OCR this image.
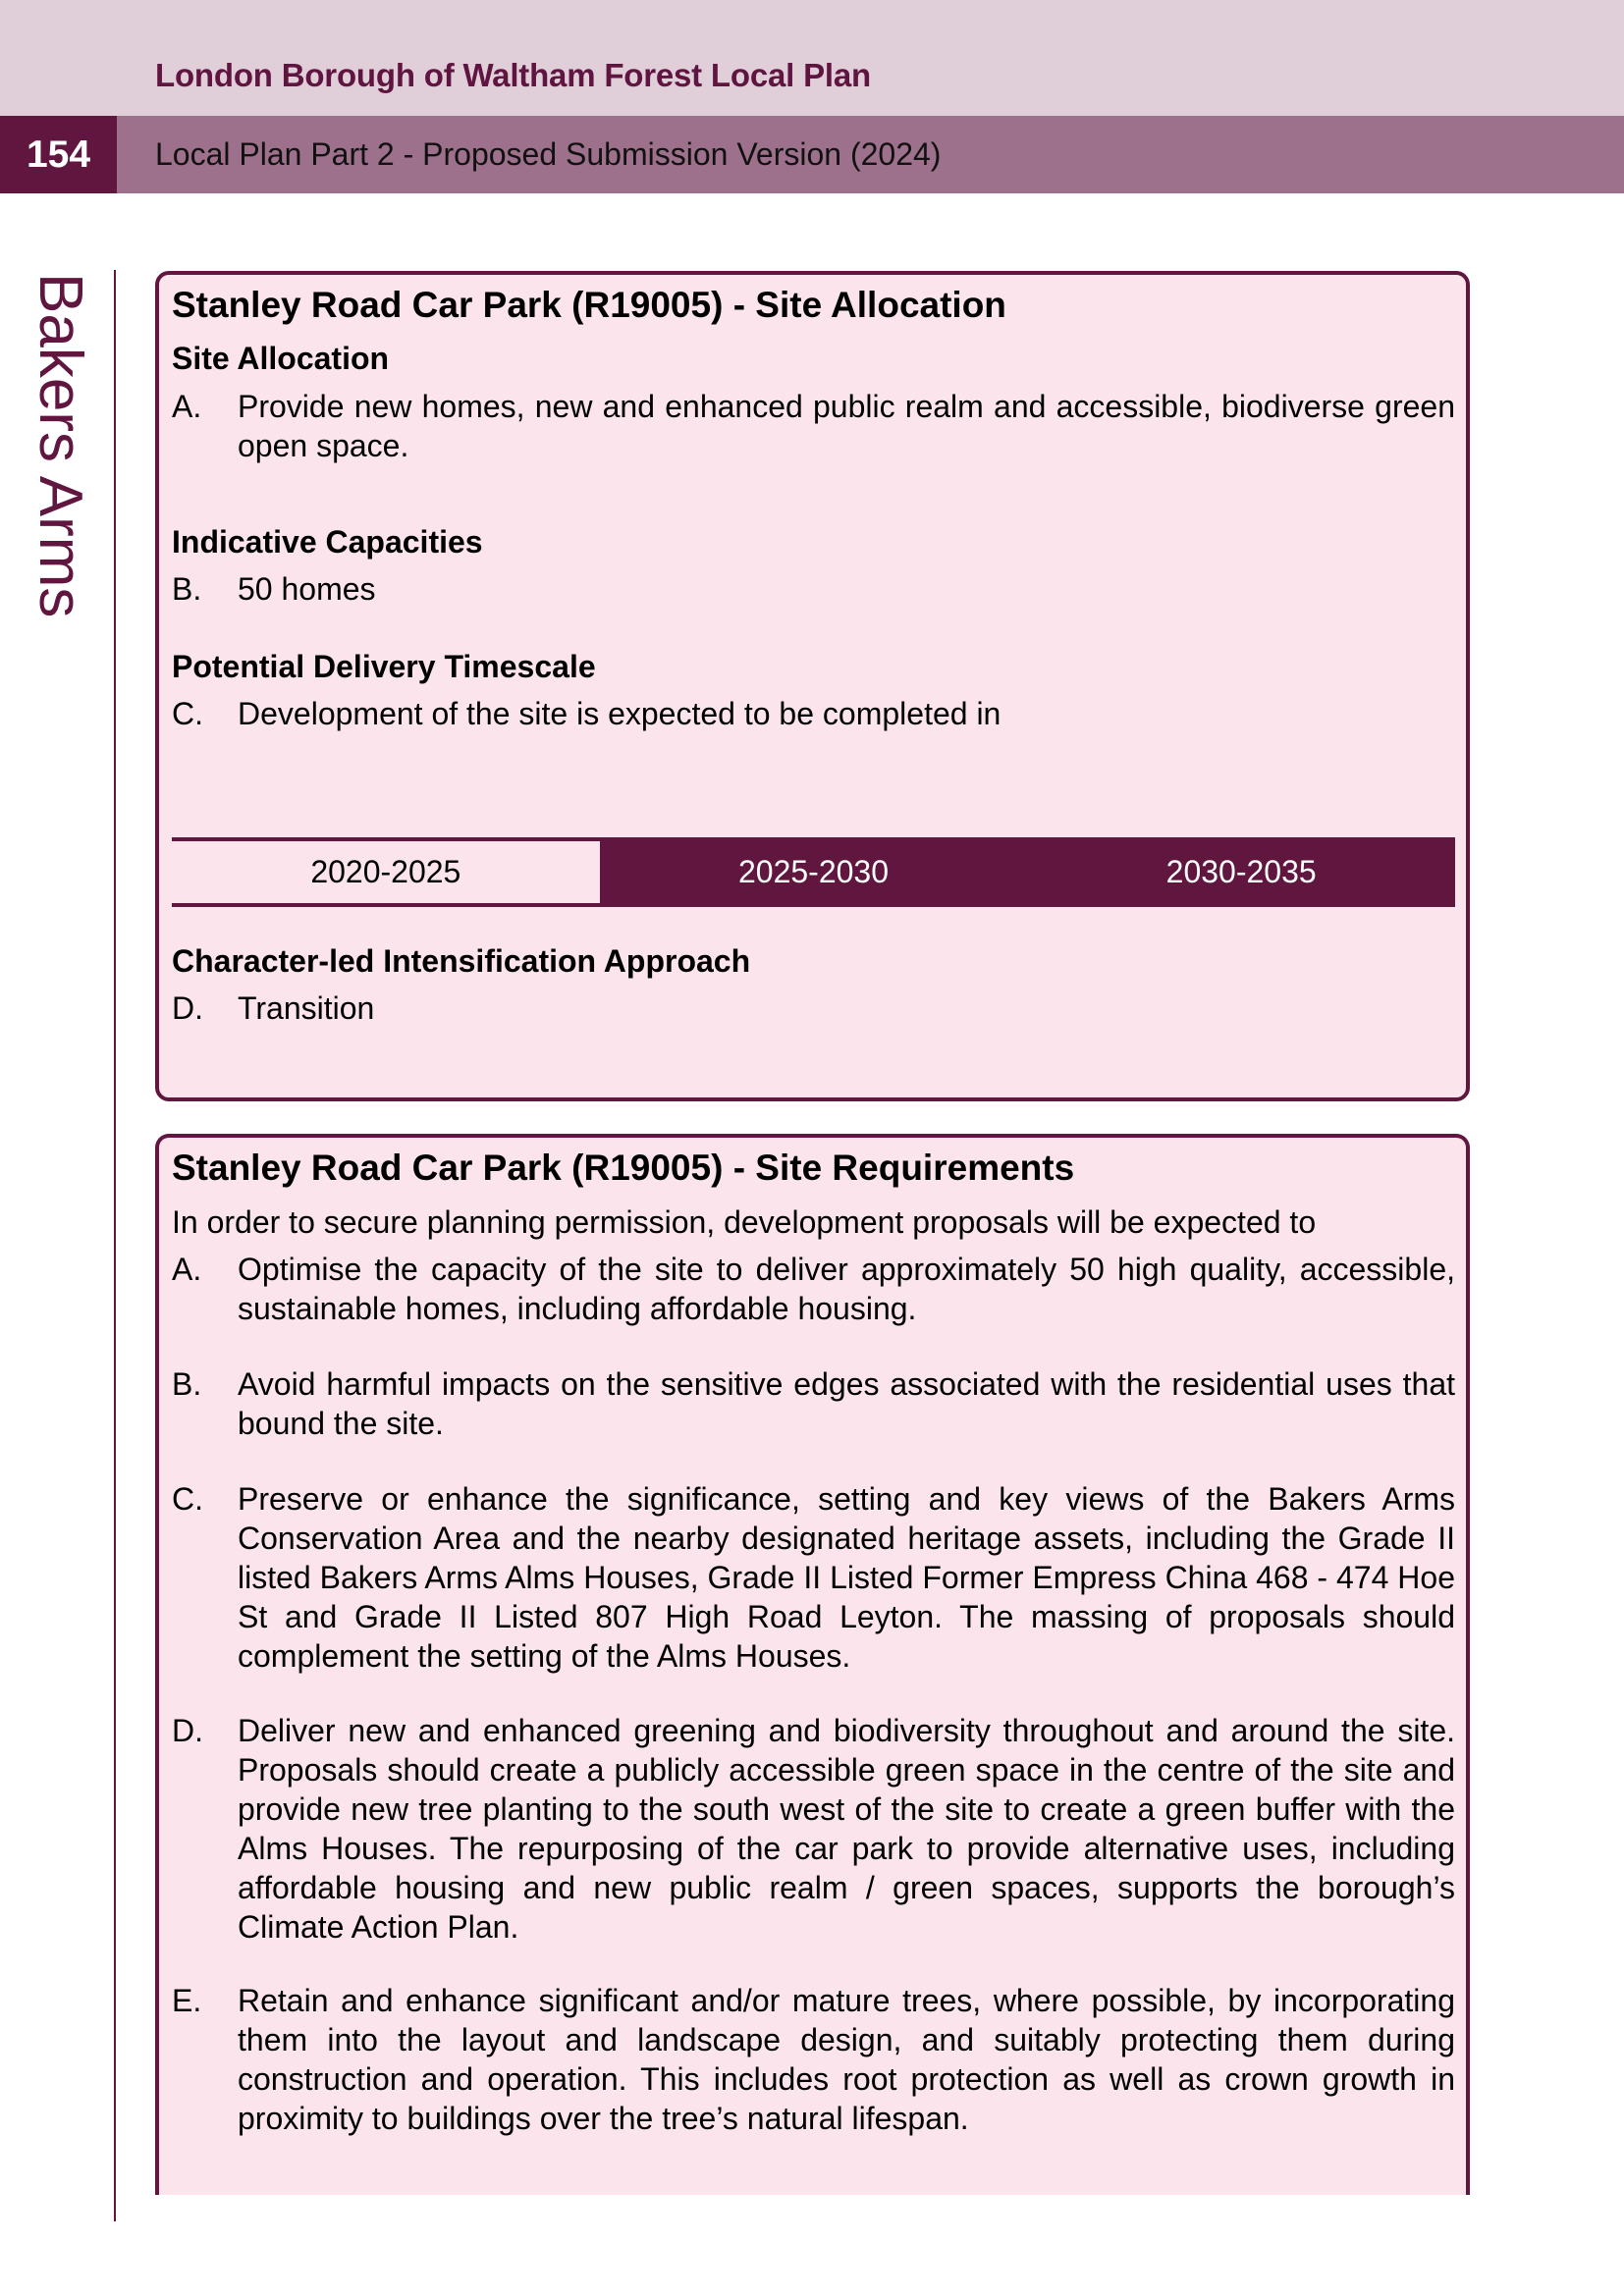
London Borough of Waltham Forest Local Plan
154	Local Plan Part 2 - Proposed Submission Version (2024)
Bakers Arms Stanley Road Car Park (R19005) - Site Allocation
Site Allocation
A. Provide new homes, new and enhanced public realm and accessible, biodiverse green open space.
Indicative Capacities
B. 50 homes
Potential Delivery Timescale
C. Development of the site is expected to be completed in
2020-2025	2025-2030	2030-2035
Character-led Intensification Approach
D. Transition
Stanley Road Car Park (R19005) - Site Requirements
In order to secure planning permission, development proposals will be expected to
A. Optimise the capacity of the site to deliver approximately 50 high quality, accessible, sustainable homes, including affordable housing.
B. Avoid harmful impacts on the sensitive edges associated with the residential uses that bound the site.
C. Preserve or enhance the significance, setting and key views of the Bakers Arms Conservation Area and the nearby designated heritage assets, including the Grade II listed Bakers Arms Alms Houses, Grade II Listed Former Empress China 468 - 474 Hoe St and Grade II Listed 807 High Road Leyton. The massing of proposals should complement the setting of the Alms Houses.
D. Deliver new and enhanced greening and biodiversity throughout and around the site. Proposals should create a publicly accessible green space in the centre of the site and provide new tree planting to the south west of the site to create a green buffer with the Alms Houses. The repurposing of the car park to provide alternative uses, including affordable housing and new public realm / green spaces, supports the borough’s Climate Action Plan.
E. Retain and enhance significant and/or mature trees, where possible, by incorporating them into the layout and landscape design, and suitably protecting them during construction and operation. This includes root protection as well as crown growth in proximity to buildings over the tree’s natural lifespan.
